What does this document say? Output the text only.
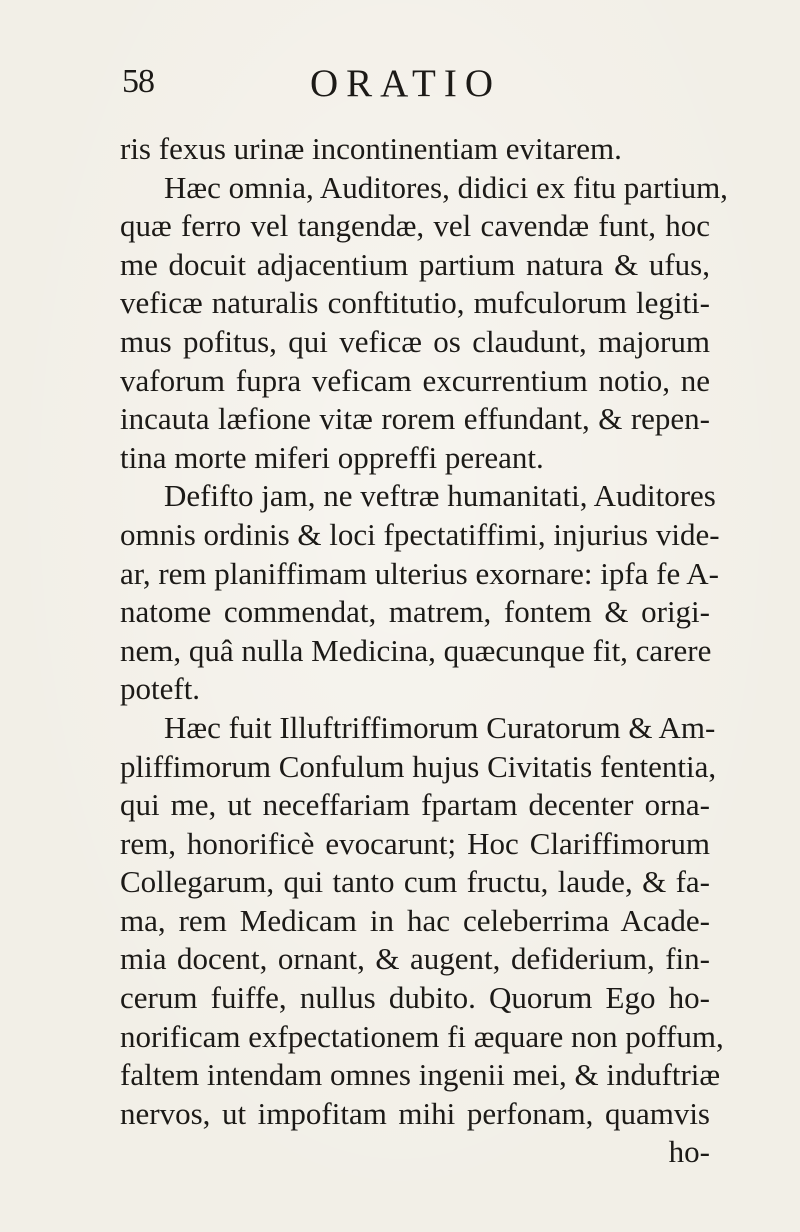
58	ORATIO
ris fexus urinæ incontinentiam evitarem.
Hæc omnia, Auditores, didici ex fitu partium,
quæ ferro vel tangendæ, vel cavendæ funt, hoc
me docuit adjacentium partium natura & ufus,
veficæ naturalis conftitutio, mufculorum legiti-
mus pofitus, qui veficæ os claudunt, majorum
vaforum fupra veficam excurrentium notio, ne
incauta læfione vitæ rorem effundant, & repen-
tina morte miferi oppreffi pereant.
Defifto jam, ne veftræ humanitati, Auditores
omnis ordinis & loci fpectatiffimi, injurius vide-
ar, rem planiffimam ulterius exornare: ipfa fe A-
natome commendat, matrem, fontem & origi-
nem, quâ nulla Medicina, quæcunque fit, carere
poteft.
Hæc fuit Illuftriffimorum Curatorum & Am-
pliffimorum Confulum hujus Civitatis fententia,
qui me, ut neceffariam fpartam decenter orna-
rem, honorificè evocarunt; Hoc Clariffimorum
Collegarum, qui tanto cum fructu, laude, & fa-
ma, rem Medicam in hac celeberrima Acade-
mia docent, ornant, & augent, defiderium, fin-
cerum fuiffe, nullus dubito. Quorum Ego ho-
norificam exfpectationem fi æquare non poffum,
faltem intendam omnes ingenii mei, & induftriæ
nervos, ut impofitam mihi perfonam, quamvis
ho-
